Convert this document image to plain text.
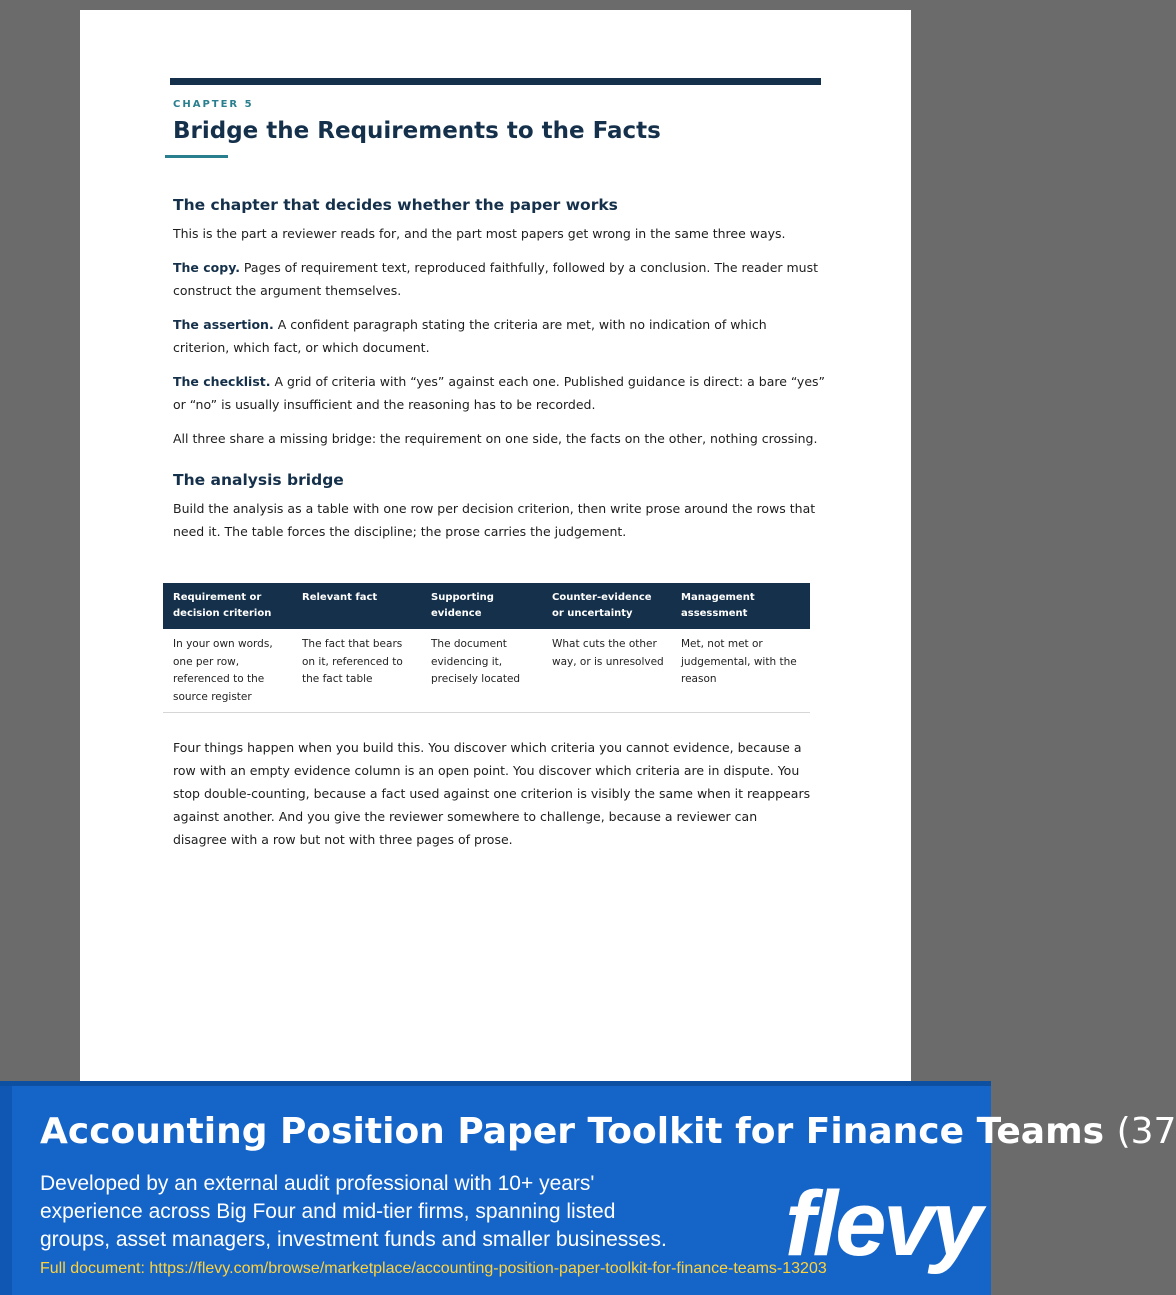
CHAPTER 5
Bridge the Requirements to the Facts
The chapter that decides whether the paper works

This is the part a reviewer reads for, and the part most papers get wrong in the same three ways.

The copy. Pages of requirement text, reproduced faithfully, followed by a conclusion. The reader must construct the argument themselves.

The assertion. A confident paragraph stating the criteria are met, with no indication of which criterion, which fact, or which document.

The checklist. A grid of criteria with “yes” against each one. Published guidance is direct: a bare “yes” or “no” is usually insufficient and the reasoning has to be recorded.

All three share a missing bridge: the requirement on one side, the facts on the other, nothing crossing.

The analysis bridge

Build the analysis as a table with one row per decision criterion, then write prose around the rows that need it. The table forces the discipline; the prose carries the judgement.

Requirement or decision criterion	Relevant fact	Supporting evidence	Counter-evidence or uncertainty	Management assessment
In your own words, one per row, referenced to the source register	The fact that bears on it, referenced to the fact table	The document evidencing it, precisely located	What cuts the other way, or is unresolved	Met, not met or judgemental, with the reason

Four things happen when you build this. You discover which criteria you cannot evidence, because a row with an empty evidence column is an open point. You discover which criteria are in dispute. You stop double-counting, because a fact used against one criterion is visibly the same when it reappears against another. And you give the reviewer somewhere to challenge, because a reviewer can disagree with a row but not with three pages of prose.

Accounting Position Paper Toolkit for Finance Teams (37
Developed by an external audit professional with 10+ years' experience across Big Four and mid-tier firms, spanning listed groups, asset managers, investment funds and smaller businesses.
Full document: https://flevy.com/browse/marketplace/accounting-position-paper-toolkit-for-finance-teams-13203
flevy
